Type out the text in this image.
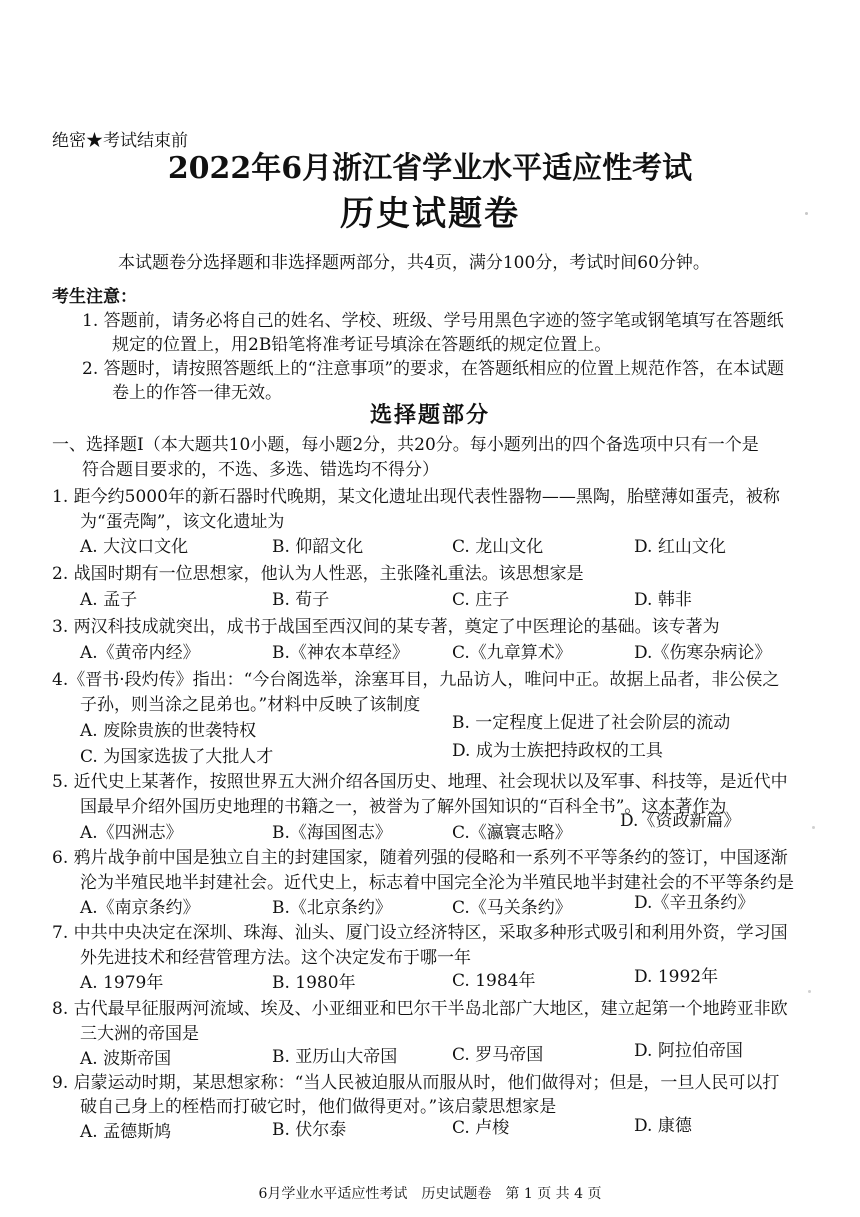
绝密★考试结束前
2022年6月浙江省学业水平适应性考试
历史试题卷
本试题卷分选择题和非选择题两部分，共4页，满分100分，考试时间60分钟。
考生注意：
1. 答题前，请务必将自己的姓名、学校、班级、学号用黑色字迹的签字笔或钢笔填写在答题纸
规定的位置上，用2B铅笔将准考证号填涂在答题纸的规定位置上。
2. 答题时，请按照答题纸上的“注意事项”的要求，在答题纸相应的位置上规范作答，在本试题
卷上的作答一律无效。
选择题部分
一、选择题Ⅰ（本大题共10小题，每小题2分，共20分。每小题列出的四个备选项中只有一个是
符合题目要求的，不选、多选、错选均不得分）
1. 距今约5000年的新石器时代晚期，某文化遗址出现代表性器物——黑陶，胎壁薄如蛋壳，被称
为“蛋壳陶”，该文化遗址为
A. 大汶口文化	B. 仰韶文化	C. 龙山文化	D. 红山文化
2. 战国时期有一位思想家，他认为人性恶，主张隆礼重法。该思想家是
A. 孟子	B. 荀子	C. 庄子	D. 韩非
3. 两汉科技成就突出，成书于战国至西汉间的某专著，奠定了中医理论的基础。该专著为
A.《黄帝内经》	B.《神农本草经》	C.《九章算术》	D.《伤寒杂病论》
4.《晋书·段灼传》指出：“今台阁选举，涂塞耳目，九品访人，唯问中正。故据上品者，非公侯之
子孙，则当涂之昆弟也。”材料中反映了该制度
A. 废除贵族的世袭特权	B. 一定程度上促进了社会阶层的流动
C. 为国家选拔了大批人才	D. 成为士族把持政权的工具
5. 近代史上某著作，按照世界五大洲介绍各国历史、地理、社会现状以及军事、科技等，是近代中
国最早介绍外国历史地理的书籍之一，被誉为了解外国知识的“百科全书”。这本著作为
A.《四洲志》	B.《海国图志》	C.《瀛寰志略》
D.《资政新篇》
6. 鸦片战争前中国是独立自主的封建国家，随着列强的侵略和一系列不平等条约的签订，中国逐渐
沦为半殖民地半封建社会。近代史上，标志着中国完全沦为半殖民地半封建社会的不平等条约是
A.《南京条约》	B.《北京条约》	C.《马关条约》	D.《辛丑条约》
7. 中共中央决定在深圳、珠海、汕头、厦门设立经济特区，采取多种形式吸引和利用外资，学习国
外先进技术和经营管理方法。这个决定发布于哪一年
A. 1979年	B. 1980年	C. 1984年	D. 1992年
8. 古代最早征服两河流域、埃及、小亚细亚和巴尔干半岛北部广大地区，建立起第一个地跨亚非欧
三大洲的帝国是
A. 波斯帝国	B. 亚历山大帝国	C. 罗马帝国	D. 阿拉伯帝国
9. 启蒙运动时期，某思想家称：“当人民被迫服从而服从时，他们做得对；但是，一旦人民可以打
破自己身上的桎梏而打破它时，他们做得更对。”该启蒙思想家是
A. 孟德斯鸠	B. 伏尔泰	C. 卢梭	D. 康德
6月学业水平适应性考试　历史试题卷　第 1 页 共 4 页
